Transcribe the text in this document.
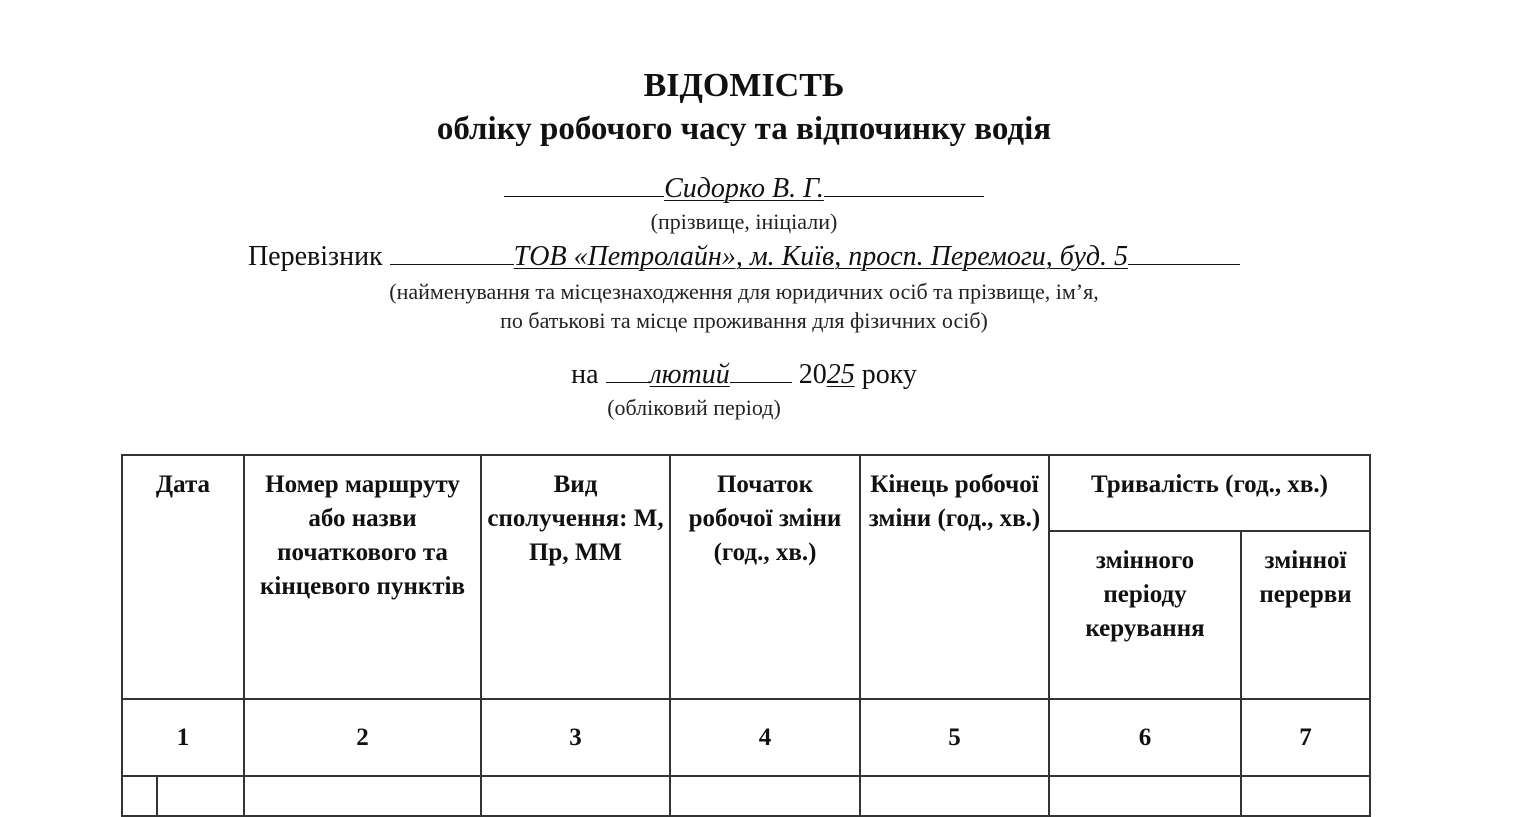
ВІДОМІСТЬ
обліку робочого часу та відпочинку водія
Сидорко В. Г.
(прізвище, ініціали)
Перевізник	ТОВ «Петролайн», м. Київ, просп. Перемоги, буд. 5
(найменування та місцезнаходження для юридичних осіб та прізвище, ім’я,
по батькові та місце проживання для фізичних осіб)
на лютий 2025 року
(обліковий період)
Дата	Номер маршруту або назви початкового та кінцевого пунктів	Вид сполучення: М, Пр, ММ	Початок робочої зміни (год., хв.)	Кінець робочої зміни (год., хв.)	Тривалість (год., хв.)	
					змінного періоду керування	змінної перерви
1	2	3	4	5	6	7
